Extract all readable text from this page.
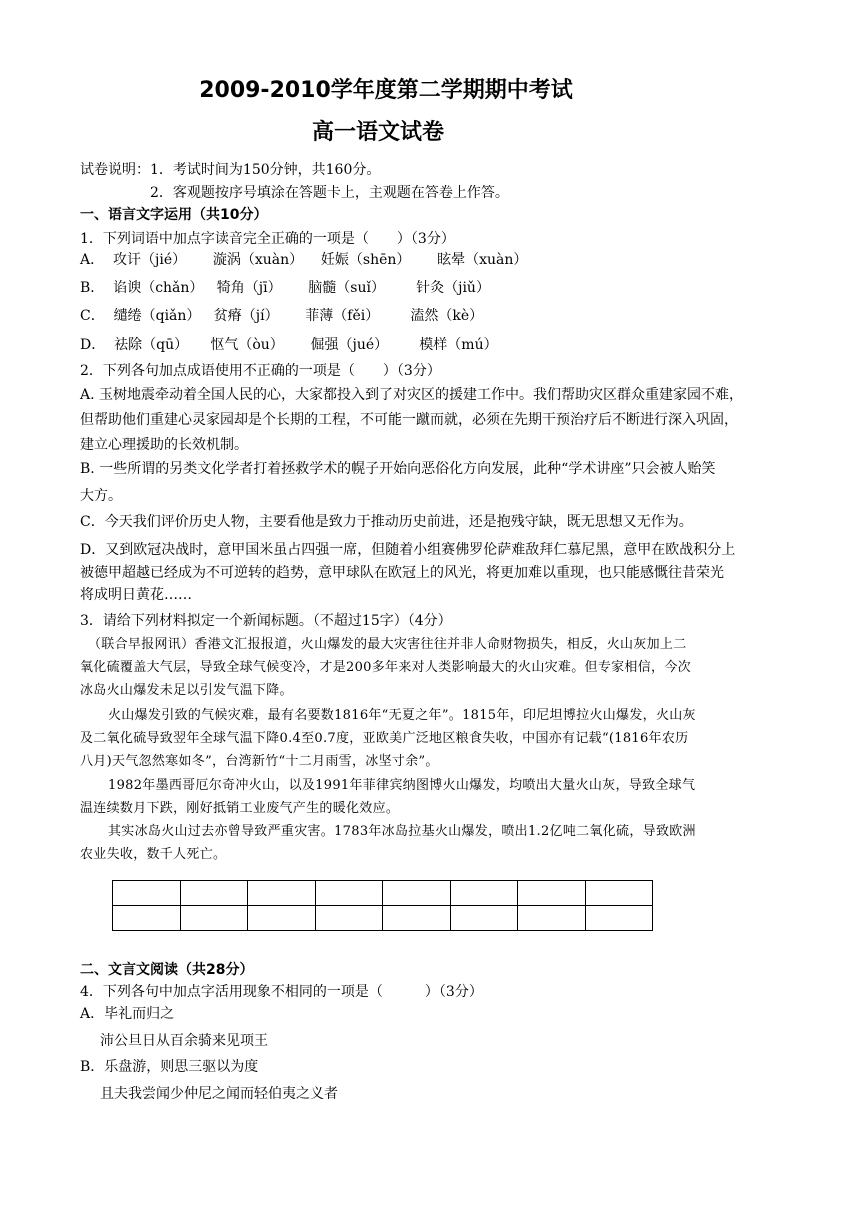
2009-2010学年度第二学期期中考试
高一语文试卷
试卷说明：1．考试时间为150分钟，共160分。
2．客观题按序号填涂在答题卡上，主观题在答卷上作答。
一、语言文字运用（共10分）
1．下列词语中加点字读音完全正确的一项是（　　）（3分）
A．  攻讦（jié）      漩涡（xuàn）    妊娠（shēn）      眩晕（xuàn）
B．  谄谀（chǎn）   犄角（jī）      脑髓（suǐ）       针灸（jiǔ）
C．  缱绻（qiǎn）   贫瘠（jí）      菲薄（fěi）       溘然（kè）
D．  祛除（qū）     怄气（òu）      倔强（jué）       模样（mú）
2．下列各句加点成语使用不正确的一项是（　　）（3分）
A. 玉树地震牵动着全国人民的心，大家都投入到了对灾区的援建工作中。我们帮助灾区群众重建家园不难，
但帮助他们重建心灵家园却是个长期的工程，不可能一蹴而就，必须在先期干预治疗后不断进行深入巩固，
建立心理援助的长效机制。
B. 一些所谓的另类文化学者打着拯救学术的幌子开始向恶俗化方向发展，此种“学术讲座”只会被人贻笑
大方。
C．今天我们评价历史人物，主要看他是致力于推动历史前进，还是抱残守缺，既无思想又无作为。
D．又到欧冠决战时，意甲国米虽占四强一席，但随着小组赛佛罗伦萨难敌拜仁慕尼黑，意甲在欧战积分上
被德甲超越已经成为不可逆转的趋势，意甲球队在欧冠上的风光，将更加难以重现，也只能感慨往昔荣光
将成明日黄花……
3．请给下列材料拟定一个新闻标题。（不超过15字）（4分）
（联合早报网讯）香港文汇报报道，火山爆发的最大灾害往往并非人命财物损失，相反，火山灰加上二
氧化硫覆盖大气层，导致全球气候变冷，才是200多年来对人类影响最大的火山灾难。但专家相信，今次
冰岛火山爆发未足以引发气温下降。
火山爆发引致的气候灾难，最有名要数1816年“无夏之年”。1815年，印尼坦博拉火山爆发，火山灰
及二氧化硫导致翌年全球气温下降0.4至0.7度，亚欧美广泛地区粮食失收，中国亦有记载“(1816年农历
八月)天气忽然寒如冬”，台湾新竹“十二月雨雪，冰坚寸余”。
1982年墨西哥厄尔奇冲火山，以及1991年菲律宾纳图博火山爆发，均喷出大量火山灰，导致全球气
温连续数月下跌，刚好抵销工业废气产生的暖化效应。
其实冰岛火山过去亦曾导致严重灾害。1783年冰岛拉基火山爆发，喷出1.2亿吨二氧化硫，导致欧洲
农业失收，数千人死亡。

二、文言文阅读（共28分）
4．下列各句中加点字活用现象不相同的一项是（　　　）（3分）
A．毕礼而归之
沛公旦日从百余骑来见项王
B．乐盘游，则思三驱以为度
且夫我尝闻少仲尼之闻而轻伯夷之义者
